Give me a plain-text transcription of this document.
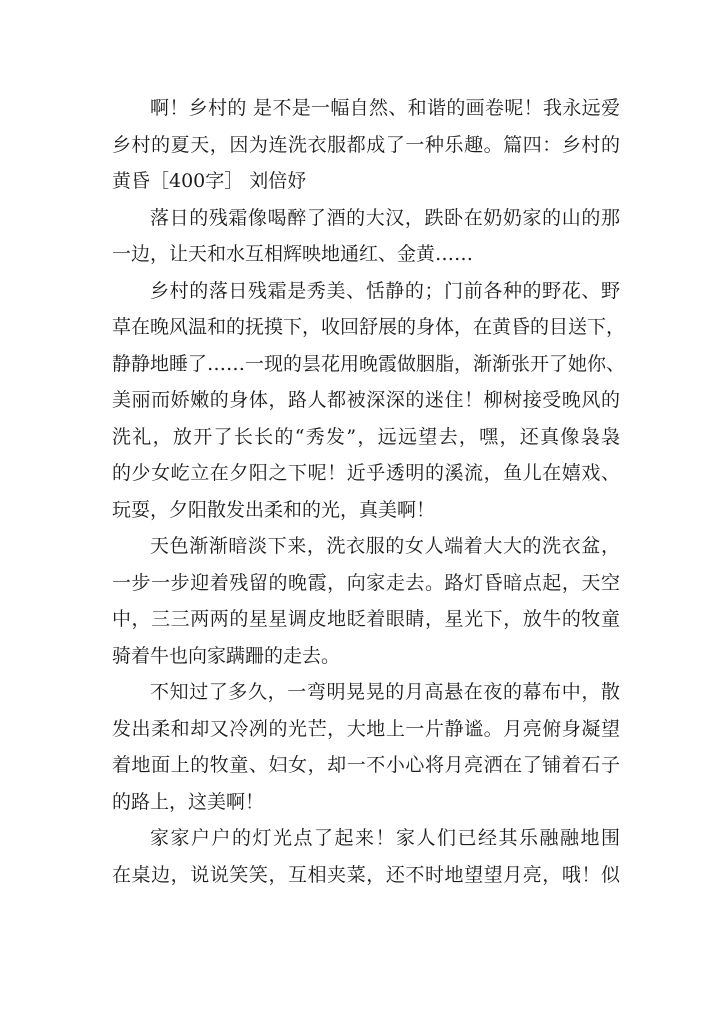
啊！乡村的 是不是一幅自然、和谐的画卷呢！我永远爱
乡村的夏天，因为连洗衣服都成了一种乐趣。篇四：乡村的
黄昏［400字］ 刘倍妤
落日的残霜像喝醉了酒的大汉，跌卧在奶奶家的山的那
一边，让天和水互相辉映地通红、金黄……
乡村的落日残霜是秀美、恬静的；门前各种的野花、野
草在晚风温和的抚摸下，收回舒展的身体，在黄昏的目送下，
静静地睡了……一现的昙花用晚霞做胭脂，渐渐张开了她你、
美丽而娇嫩的身体，路人都被深深的迷住！柳树接受晚风的
洗礼，放开了长长的“秀发”，远远望去，嘿，还真像袅袅
的少女屹立在夕阳之下呢！近乎透明的溪流，鱼儿在嬉戏、
玩耍，夕阳散发出柔和的光，真美啊！
天色渐渐暗淡下来，洗衣服的女人端着大大的洗衣盆，
一步一步迎着残留的晚霞，向家走去。路灯昏暗点起，天空
中，三三两两的星星调皮地眨着眼睛，星光下，放牛的牧童
骑着牛也向家蹒跚的走去。
不知过了多久，一弯明晃晃的月高悬在夜的幕布中，散
发出柔和却又冷冽的光芒，大地上一片静谧。月亮俯身凝望
着地面上的牧童、妇女，却一不小心将月亮洒在了铺着石子
的路上，这美啊！
家家户户的灯光点了起来！家人们已经其乐融融地围
在桌边，说说笑笑，互相夹菜，还不时地望望月亮，哦！似
